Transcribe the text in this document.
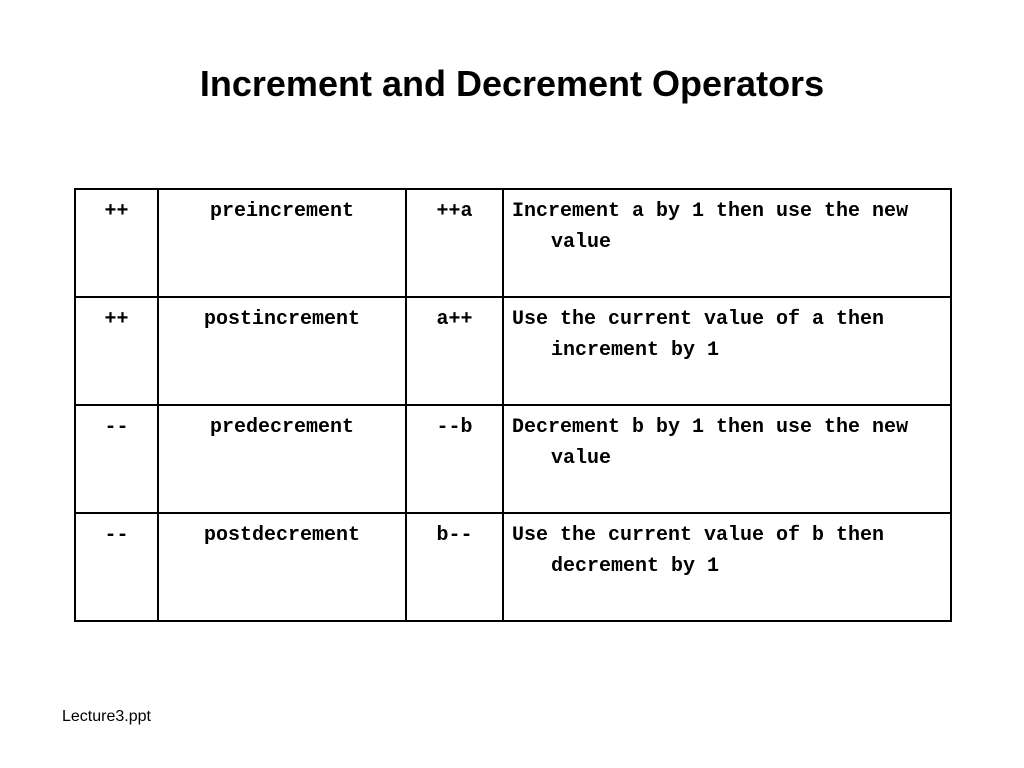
Increment and Decrement Operators
++	preincrement	++a	Increment a by 1 then use the new value

++	postincrement	a++	Use the current value of a then increment by 1

--	predecrement	--b	Decrement b by 1 then use the new value

--	postdecrement	b--	Use the current value of b then decrement by 1
Lecture3.ppt
